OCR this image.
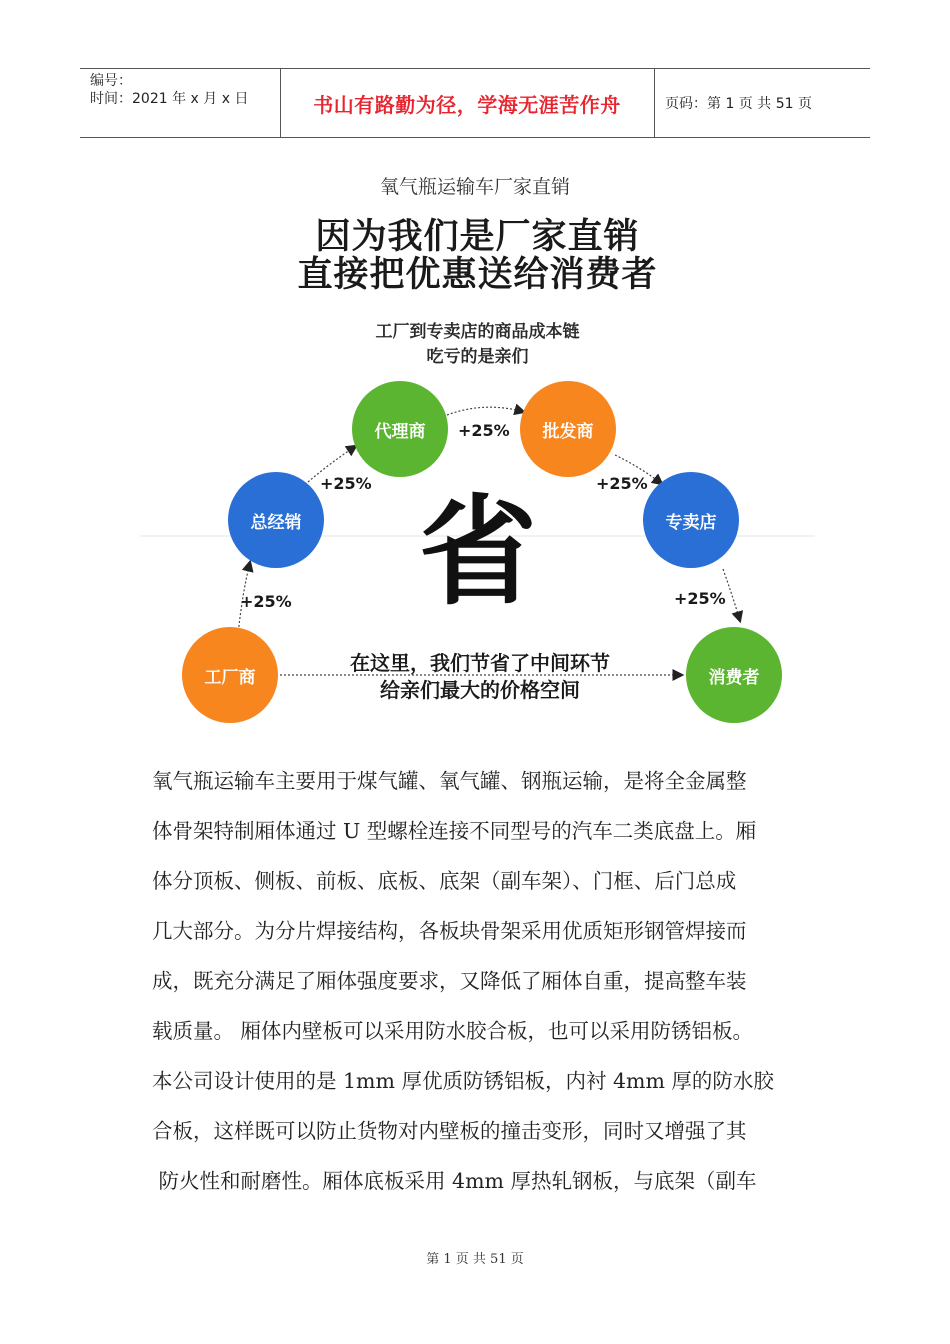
编号：
时间：2021 年 x 月 x 日	书山有路勤为径，学海无涯苦作舟	页码：第 1 页 共 51 页
氧气瓶运输车厂家直销
因为我们是厂家直销
直接把优惠送给消费者
工厂到专卖店的商品成本链
吃亏的是亲们
工厂商
总经销
代理商	批发商
专卖店
消费者
+25%
+25%
+25%
+25%
+25%
省
在这里，我们节省了中间环节
给亲们最大的价格空间
氧气瓶运输车主要用于煤气罐、氧气罐、钢瓶运输，是将全金属整
体骨架特制厢体通过 U 型螺栓连接不同型号的汽车二类底盘上。厢
体分顶板、侧板、前板、底板、底架（副车架）、门框、后门总成
几大部分。为分片焊接结构，各板块骨架采用优质矩形钢管焊接而
成，既充分满足了厢体强度要求，又降低了厢体自重，提高整车装
载质量。 厢体内壁板可以采用防水胶合板，也可以采用防锈铝板。
本公司设计使用的是 1mm 厚优质防锈铝板，内衬 4mm 厚的防水胶
合板，这样既可以防止货物对内壁板的撞击变形，同时又增强了其
防火性和耐磨性。厢体底板采用 4mm 厚热轧钢板，与底架（副车
第 1 页 共 51 页
